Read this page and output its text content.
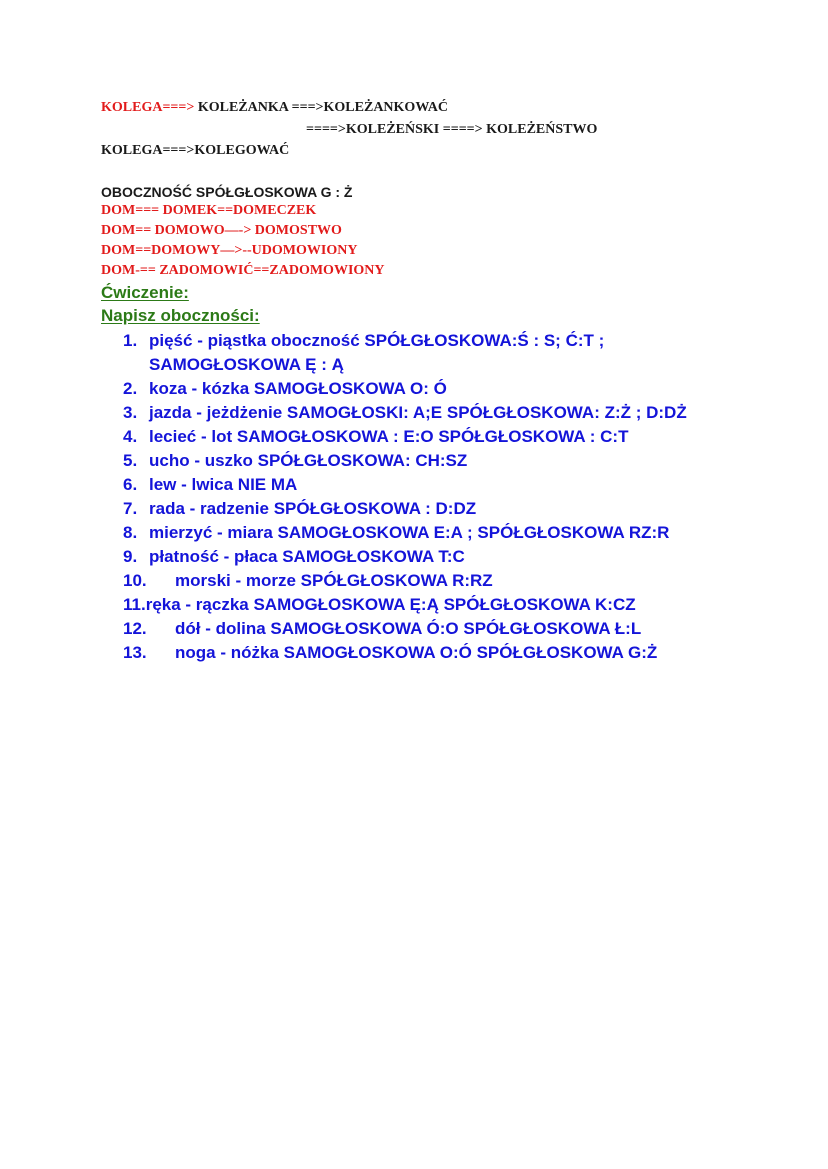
KOLEGA===> KOLEŻANKA ===>KOLEŻANKOWAĆ
====>KOLEŻEŃSKI ====> KOLEŻEŃSTWO
KOLEGA===>KOLEGOWAĆ
OBOCZNOŚĆ SPÓŁGŁOSKOWA G : Ż
DOM=== DOMEK==DOMECZEK
DOM== DOMOWO—-> DOMOSTWO
DOM==DOMOWY—>--UDOMOWIONY
DOM-== ZADOMOWIĆ==ZADOMOWIONY
Ćwiczenie:
Napisz oboczności:
1. pięść - piąstka oboczność SPÓŁGŁOSKOWA:Ś : S; Ć:T ;
SAMOGŁOSKOWA Ę : Ą
2. koza - kózka SAMOGŁOSKOWA O: Ó
3. jazda - jeżdżenie SAMOGŁOSKI: A;E SPÓŁGŁOSKOWA: Z:Ż ; D:DŻ
4. lecieć - lot SAMOGŁOSKOWA : E:O SPÓŁGŁOSKOWA : C:T
5. ucho - uszko SPÓŁGŁOSKOWA: CH:SZ
6. lew - lwica NIE MA
7. rada - radzenie SPÓŁGŁOSKOWA : D:DZ
8. mierzyć - miara SAMOGŁOSKOWA E:A ; SPÓŁGŁOSKOWA RZ:R
9. płatność - płaca SAMOGŁOSKOWA T:C
10.	morski - morze SPÓŁGŁOSKOWA R:RZ
11. ręka - rączka SAMOGŁOSKOWA Ę:Ą SPÓŁGŁOSKOWA K:CZ
12.	dół - dolina SAMOGŁOSKOWA Ó:O SPÓŁGŁOSKOWA Ł:L
13.	noga - nóżka SAMOGŁOSKOWA O:Ó SPÓŁGŁOSKOWA G:Ż
